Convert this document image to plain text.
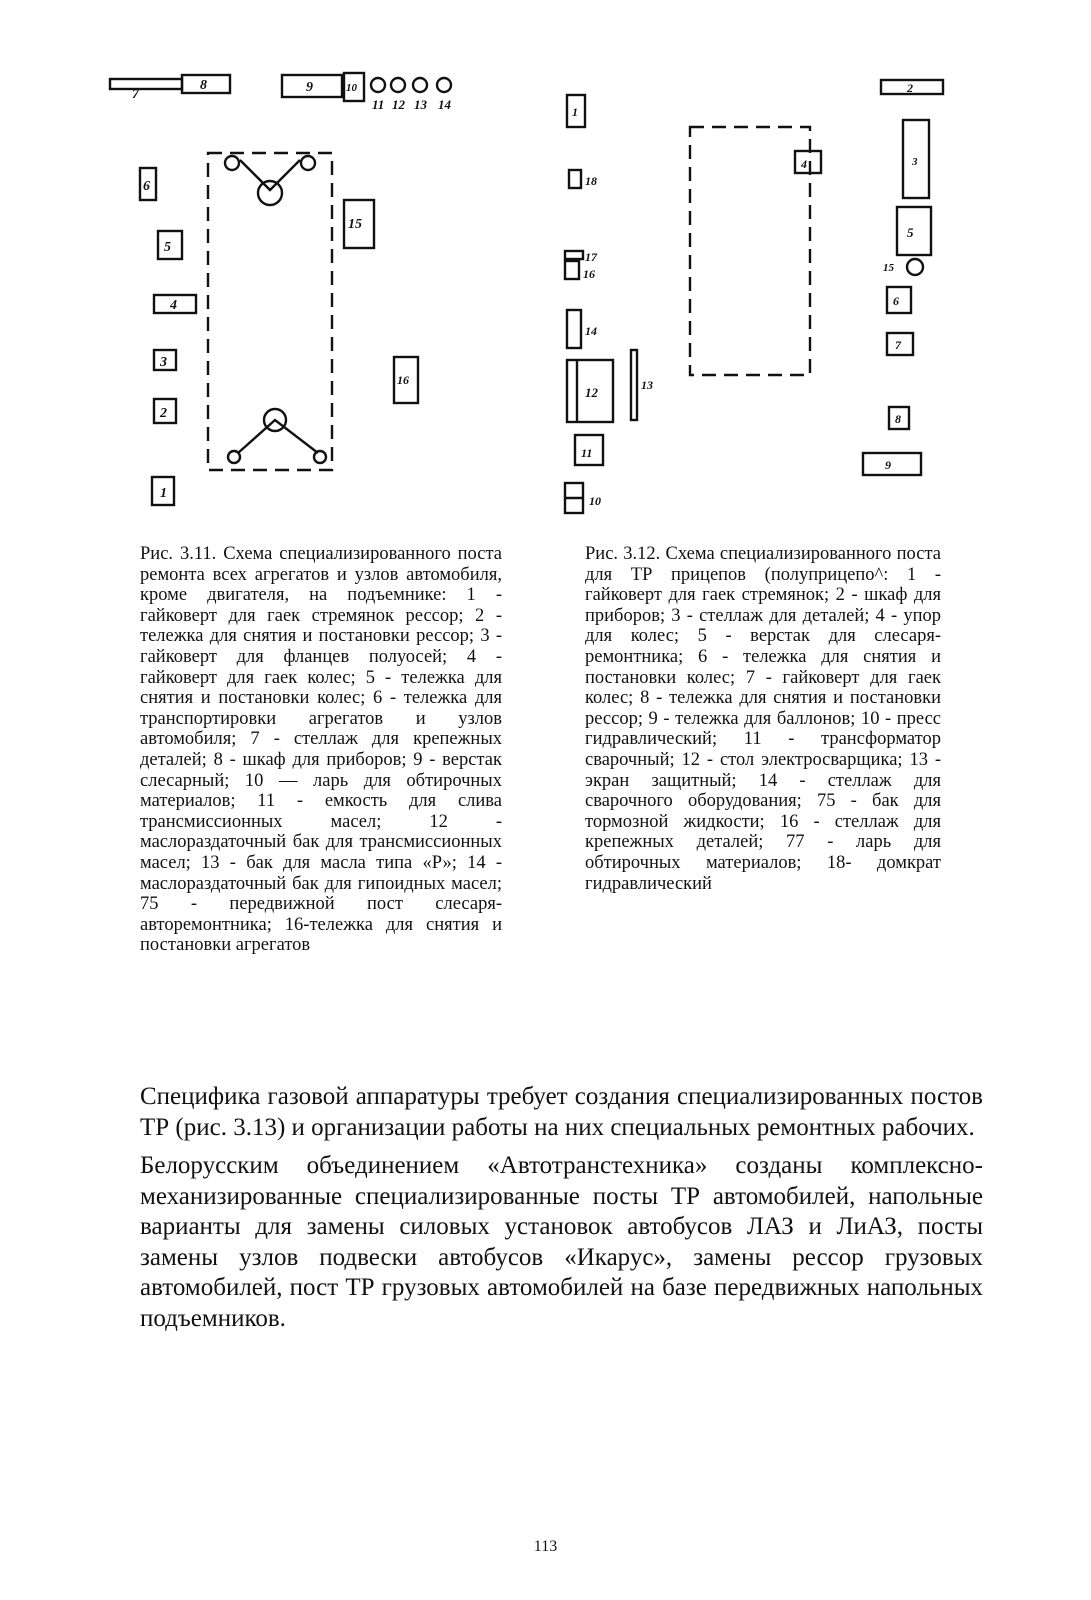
7
8	9	10
11 12 13 14
6
15
5
4
3
16
2
1
1
18
17
16
14
12	13
11
10
2
4	3
5
15
6
7
8
9
Рис. 3.11. Схема специализированного поста ремонта всех агрегатов и узлов автомобиля, кроме двигателя, на подъемнике: 1 - гайковерт для гаек стремянок рессор; 2 - тележка для снятия и постановки рессор; 3 - гайковерт для фланцев полуосей; 4 - гайковерт для гаек колес; 5 - тележка для снятия и постановки колес; 6 - тележка для транспортировки агрегатов и узлов автомобиля; 7 - стеллаж для крепежных деталей; 8 - шкаф для приборов; 9 - верстак слесарный; 10 — ларь для обтирочных материалов; 11 - емкость для слива трансмиссионных масел; 12 - маслораздаточный бак для трансмиссионных масел; 13 - бак для масла типа «Р»; 14 - маслораздаточный бак для гипоидных масел; 75 - передвижной пост слесаря-авторемонтника; 16-тележка для снятия и постановки агрегатов
Рис. 3.12. Схема специализированного поста для ТР прицепов (полуприцепо^: 1 - гайковерт для гаек стремянок; 2 - шкаф для приборов; 3 - стеллаж для деталей; 4 - упор для колес; 5 - верстак для слесаря-ремонтника; 6 - тележка для снятия и постановки колес; 7 - гайковерт для гаек колес; 8 - тележка для снятия и постановки рессор; 9 - тележка для баллонов; 10 - пресс гидравлический; 11 - трансформатор сварочный; 12 - стол электросварщика; 13 - экран защитный; 14 - стеллаж для сварочного оборудования; 75 - бак для тормозной жидкости; 16 - стеллаж для крепежных деталей; 77 - ларь для обтирочных материалов; 18- домкрат гидравлический

Специфика газовой аппаратуры требует создания специализированных постов ТР (рис. 3.13) и организации работы на них специальных ремонтных рабочих.

Белорусским объединением «Автотранстехника» созданы комплексно-механизированные специализированные посты ТР автомобилей, напольные варианты для замены силовых установок автобусов ЛАЗ и ЛиАЗ, посты замены узлов подвески автобусов «Икарус», замены рессор грузовых автомобилей, пост ТР грузовых автомобилей на базе передвижных напольных подъемников.

113
